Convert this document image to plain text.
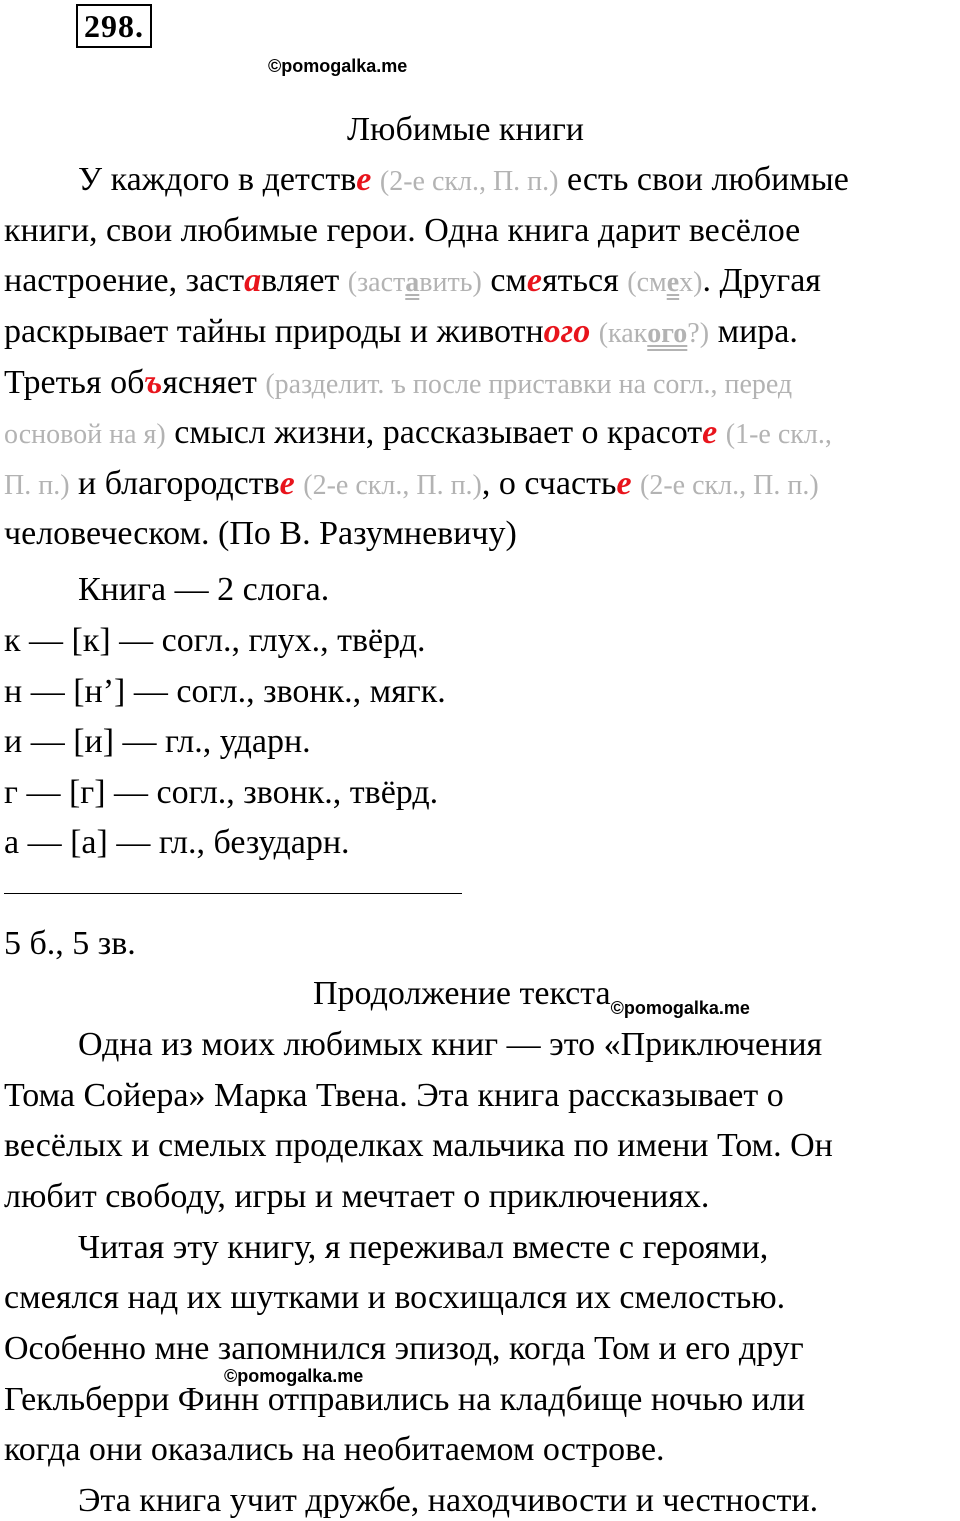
298.
©pomogalka.me
Любимые книги
У каждого в детстве (2-е скл., П. п.) есть свои любимые
книги, свои любимые герои. Одна книга дарит весёлое
настроение, заставляет (заставить) смеяться (смех). Другая
раскрывает тайны природы и животного (какого?) мира.
Третья объясняет (разделит. ъ после приставки на согл., перед
основой на я) смысл жизни, рассказывает о красоте (1-е скл.,
П. п.) и благородстве (2-е скл., П. п.), о счастье (2-е скл., П. п.)
человеческом. (По В. Разумневичу)
Книга — 2 слога.
к — [к] — согл., глух., твёрд.
н — [н’] — согл., звонк., мягк.
и — [и] — гл., ударн.
г — [г] — согл., звонк., твёрд.
а — [а] — гл., безударн.
5 б., 5 зв.
Продолжение текста$_{©pomogalka.me}$
Одна из моих любимых книг — это «Приключения
Тома Сойера» Марка Твена. Эта книга рассказывает о
весёлых и смелых проделках мальчика по имени Том. Он
любит свободу, игры и мечтает о приключениях.
Читая эту книгу, я переживал вместе с героями,
смеялся над их шутками и восхищался их смелостью.
Особенно мне запомнился эпизод, когда Том и его друг
©pomogalka.me
Гекльберри Финн отправились на кладбище ночью или
когда они оказались на необитаемом острове.
Эта книга учит дружбе, находчивости и честности.
